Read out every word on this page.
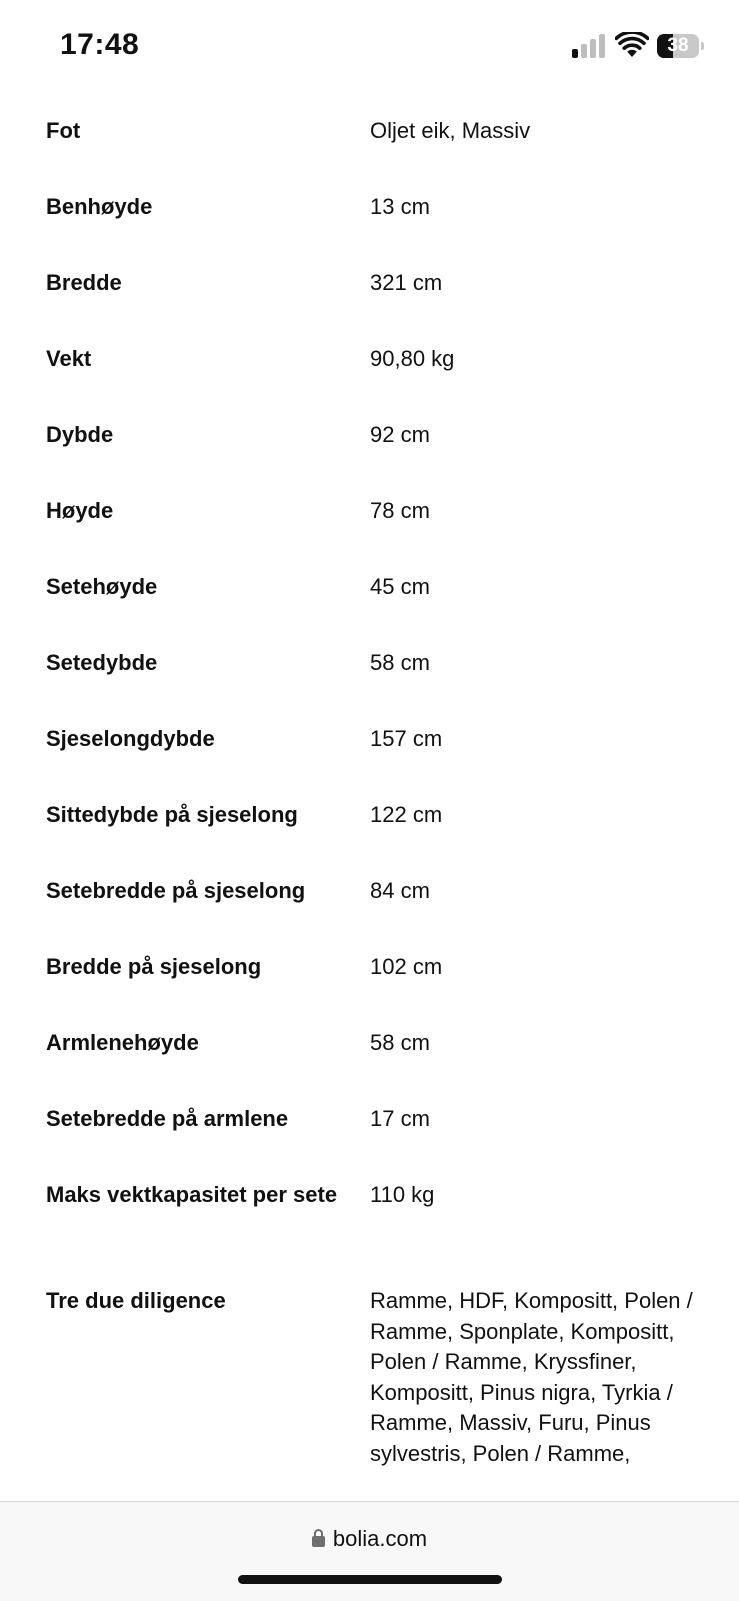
17:48	38
Fot	Oljet eik, Massiv
Benhøyde	13 cm
Bredde	321 cm
Vekt	90,80 kg
Dybde	92 cm
Høyde	78 cm
Setehøyde	45 cm
Setedybde	58 cm
Sjeselongdybde	157 cm
Sittedybde på sjeselong	122 cm
Setebredde på sjeselong	84 cm
Bredde på sjeselong	102 cm
Armlenehøyde	58 cm
Setebredde på armlene	17 cm
Maks vektkapasitet per sete	110 kg
Tre due diligence	Ramme, HDF, Kompositt, Polen / Ramme, Sponplate, Kompositt, Polen / Ramme, Kryssfiner, Kompositt, Pinus nigra, Tyrkia / Ramme, Massiv, Furu, Pinus sylvestris, Polen / Ramme,
bolia.com
